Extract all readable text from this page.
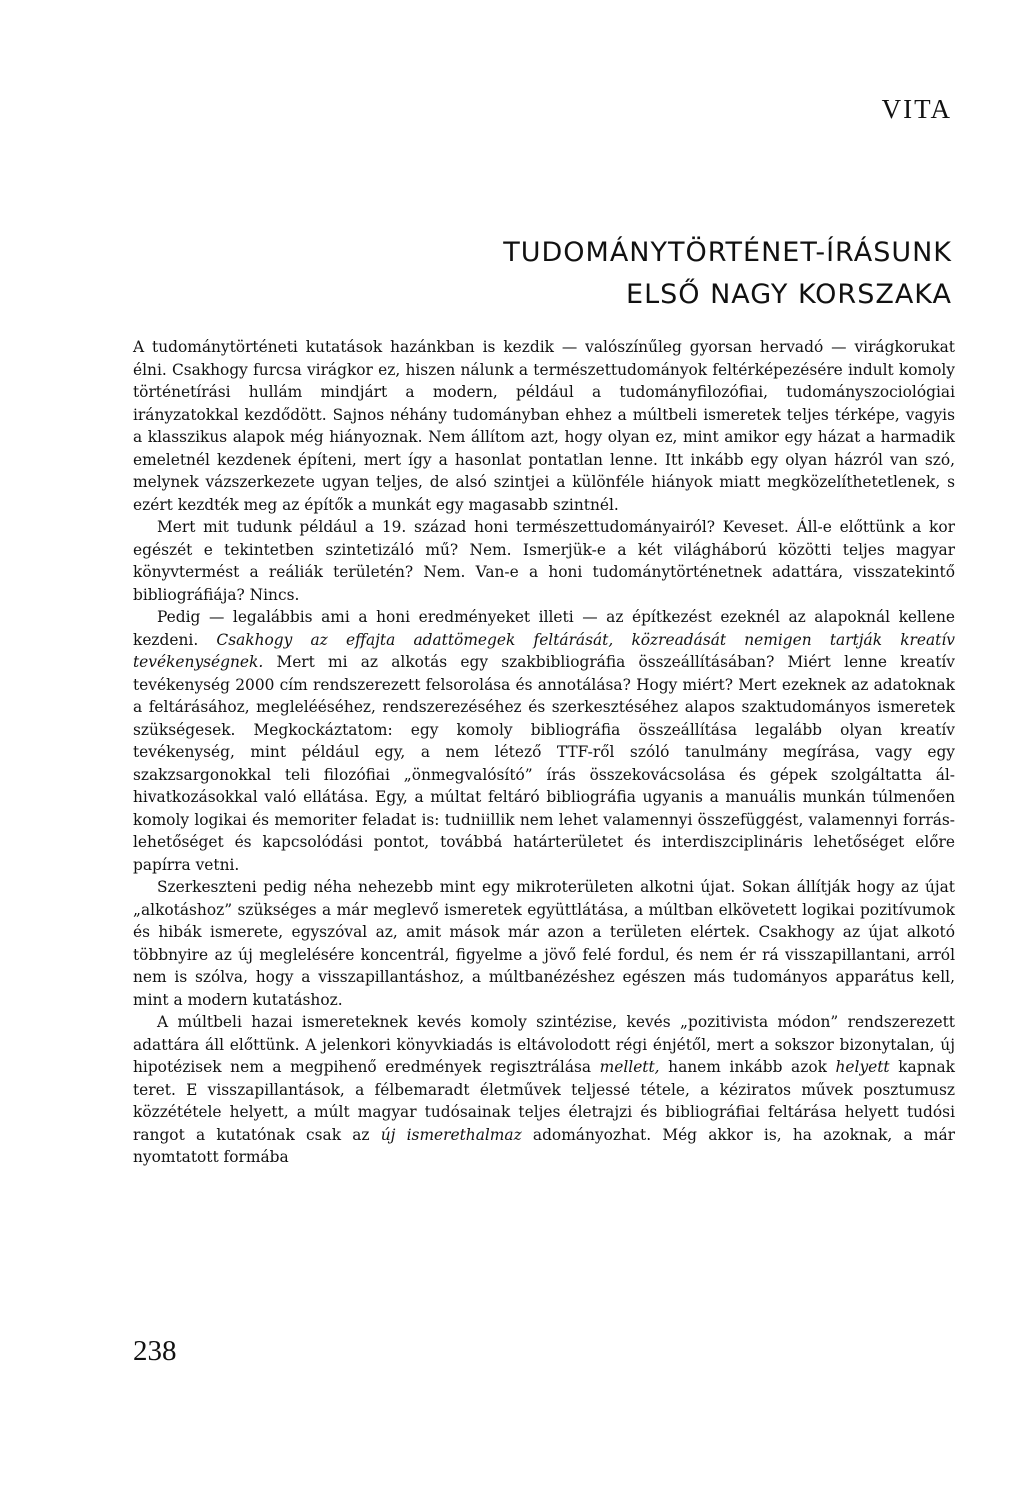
VITA
TUDOMÁNYTÖRTÉNET-ÍRÁSUNK
ELSŐ NAGY KORSZAKA

A tudománytörténeti kutatások hazánkban is kezdik — valószínűleg gyorsan hervadó — virágkorukat élni. Csakhogy furcsa virágkor ez, hiszen nálunk a természettudományok feltérképezésére indult komoly történetírási hullám mindjárt a modern, például a tudományfilozófiai, tudományszociológiai irányzatokkal kezdődött. Sajnos néhány tudományban ehhez a múltbeli ismeretek teljes térképe, vagyis a klasszikus alapok még hiányoznak. Nem állítom azt, hogy olyan ez, mint amikor egy házat a harmadik emeletnél kezdenek építeni, mert így a hasonlat pontatlan lenne. Itt inkább egy olyan házról van szó, melynek vázszerkezete ugyan teljes, de alsó szintjei a különféle hiányok miatt megközelíthetetlenek, s ezért kezdték meg az építők a munkát egy magasabb szintnél.

Mert mit tudunk például a 19. század honi természettudományairól? Keveset. Áll-e előttünk a kor egészét e tekintetben szintetizáló mű? Nem. Ismerjük-e a két világháború közötti teljes magyar könyvtermést a reáliák területén? Nem. Van-e a honi tudománytörténetnek adattára, visszatekintő bibliográfiája? Nincs.

Pedig — legalábbis ami a honi eredményeket illeti — az építkezést ezeknél az alapoknál kellene kezdeni. Csakhogy az effajta adattömegek feltárását, közreadását nemigen tartják kreatív tevékenységnek. Mert mi az alkotás egy szakbibliográfia összeállításában? Miért lenne kreatív tevékenység 2000 cím rendszerezett felsorolása és annotálása? Hogy miért? Mert ezeknek az adatoknak a feltárásához, meglelééséhez, rendszerezéséhez és szerkesztéséhez alapos szaktudományos ismeretek szükségesek. Megkockáztatom: egy komoly bibliográfia összeállítása legalább olyan kreatív tevékenység, mint például egy, a nem létező TTF-ről szóló tanulmány megírása, vagy egy szakzsargonokkal teli filozófiai „önmegvalósító” írás összekovácsolása és gépek szolgáltatta ál-hivatkozásokkal való ellátása. Egy, a múltat feltáró bibliográfia ugyanis a manuális munkán túlmenően komoly logikai és memoriter feladat is: tudniillik nem lehet valamennyi összefüggést, valamennyi forrás-lehetőséget és kapcsolódási pontot, továbbá határterületet és interdiszciplináris lehetőséget előre papírra vetni.

Szerkeszteni pedig néha nehezebb mint egy mikroterületen alkotni újat. Sokan állítják hogy az újat „alkotáshoz” szükséges a már meglevő ismeretek együttlátása, a múltban elkövetett logikai pozitívumok és hibák ismerete, egyszóval az, amit mások már azon a területen elértek. Csakhogy az újat alkotó többnyire az új meglelésére koncentrál, figyelme a jövő felé fordul, és nem ér rá visszapillantani, arról nem is szólva, hogy a visszapillantáshoz, a múltbanézéshez egészen más tudományos apparátus kell, mint a modern kutatáshoz.

A múltbeli hazai ismereteknek kevés komoly szintézise, kevés „pozitivista módon” rendszerezett adattára áll előttünk. A jelenkori könyvkiadás is eltávolodott régi énjétől, mert a sokszor bizonytalan, új hipotézisek nem a megpihenő eredmények regisztrálása mellett, hanem inkább azok helyett kapnak teret. E visszapillantások, a félbemaradt életművek teljessé tétele, a kéziratos művek posztumusz közzététele helyett, a múlt magyar tudósainak teljes életrajzi és bibliográfiai feltárása helyett tudósi rangot a kutatónak csak az új ismerethalmaz adományozhat. Még akkor is, ha azoknak, a már nyomtatott formába

238
